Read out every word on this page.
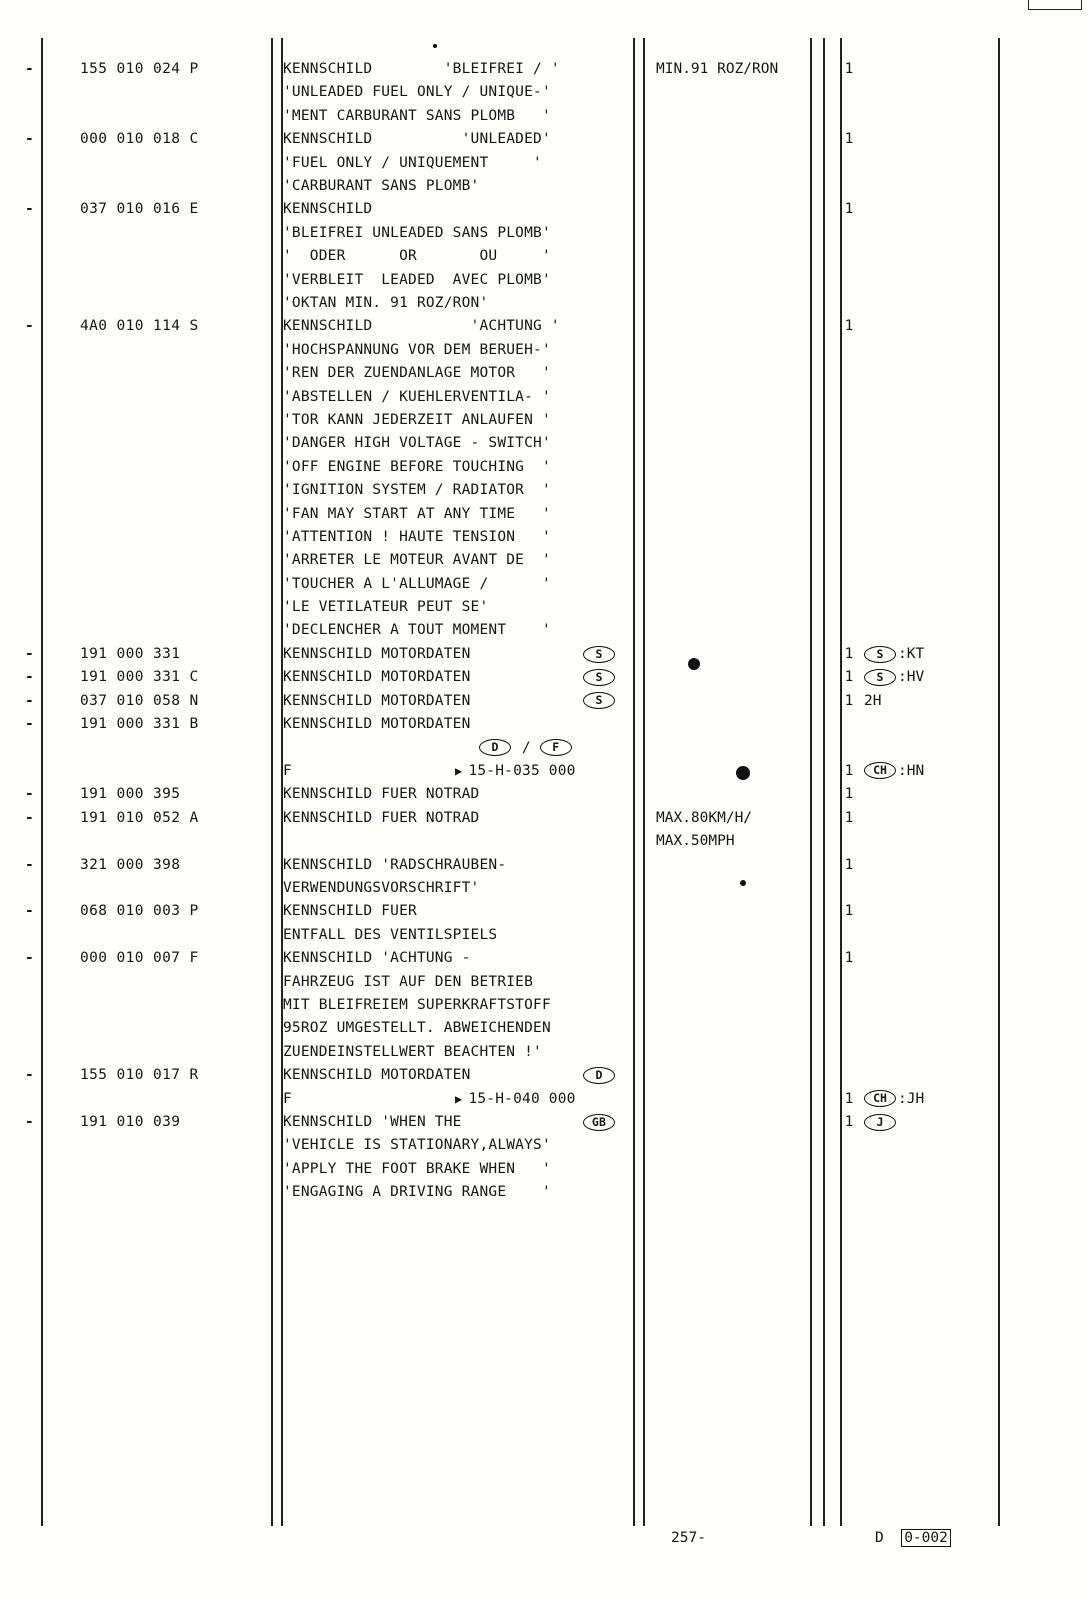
-	155 010 024 P	KENNSCHILD        'BLEIFREI / '
'UNLEADED FUEL ONLY / UNIQUE-'
'MENT CARBURANT SANS PLOMB   '
MIN.91 ROZ/RON	1
-	000 010 018 C	KENNSCHILD          'UNLEADED'
'FUEL ONLY / UNIQUEMENT     '
'CARBURANT SANS PLOMB'
1
-	037 010 016 E	KENNSCHILD
'BLEIFREI UNLEADED SANS PLOMB'
'  ODER      OR       OU     '
'VERBLEIT  LEADED  AVEC PLOMB'
'OKTAN MIN. 91 ROZ/RON'
1
-	4A0 010 114 S	KENNSCHILD           'ACHTUNG '
'HOCHSPANNUNG VOR DEM BERUEH-'
'REN DER ZUENDANLAGE MOTOR   '
'ABSTELLEN / KUEHLERVENTILA- '
'TOR KANN JEDERZEIT ANLAUFEN '
'DANGER HIGH VOLTAGE - SWITCH'
'OFF ENGINE BEFORE TOUCHING  '
'IGNITION SYSTEM / RADIATOR  '
'FAN MAY START AT ANY TIME   '
'ATTENTION ! HAUTE TENSION   '
'ARRETER LE MOTEUR AVANT DE  '
'TOUCHER A L'ALLUMAGE /      '
'LE VETILATEUR PEUT SE'
'DECLENCHER A TOUT MOMENT    '
1
-	191 000 331	KENNSCHILD MOTORDATEN	S	1	S :KT
-	191 000 331 C	KENNSCHILD MOTORDATEN	S	1	S :HV
-	037 010 058 N	KENNSCHILD MOTORDATEN	S	1 2H
-	191 000 331 B	KENNSCHILD MOTORDATEN
D / F
F	▶ 15-H-035 000	1	CH :HN
-	191 000 395	KENNSCHILD FUER NOTRAD	1
-	191 010 052 A	KENNSCHILD FUER NOTRAD	MAX.80KM/H/
MAX.50MPH
1
-	321 000 398	KENNSCHILD 'RADSCHRAUBEN-
VERWENDUNGSVORSCHRIFT'
1
-	068 010 003 P	KENNSCHILD FUER
ENTFALL DES VENTILSPIELS
1
-	000 010 007 F	KENNSCHILD 'ACHTUNG -
FAHRZEUG IST AUF DEN BETRIEB
MIT BLEIFREIEM SUPERKRAFTSTOFF
95ROZ UMGESTELLT. ABWEICHENDEN
ZUENDEINSTELLWERT BEACHTEN !'
1
-	155 010 017 R	KENNSCHILD MOTORDATEN	D
F	▶ 15-H-040 000	1	CH :JH
-	191 010 039	KENNSCHILD 'WHEN THE	GB
'VEHICLE IS STATIONARY,ALWAYS'
'APPLY THE FOOT BRAKE WHEN   '
'ENGAGING A DRIVING RANGE    '
1	J
257-	D 0-002
